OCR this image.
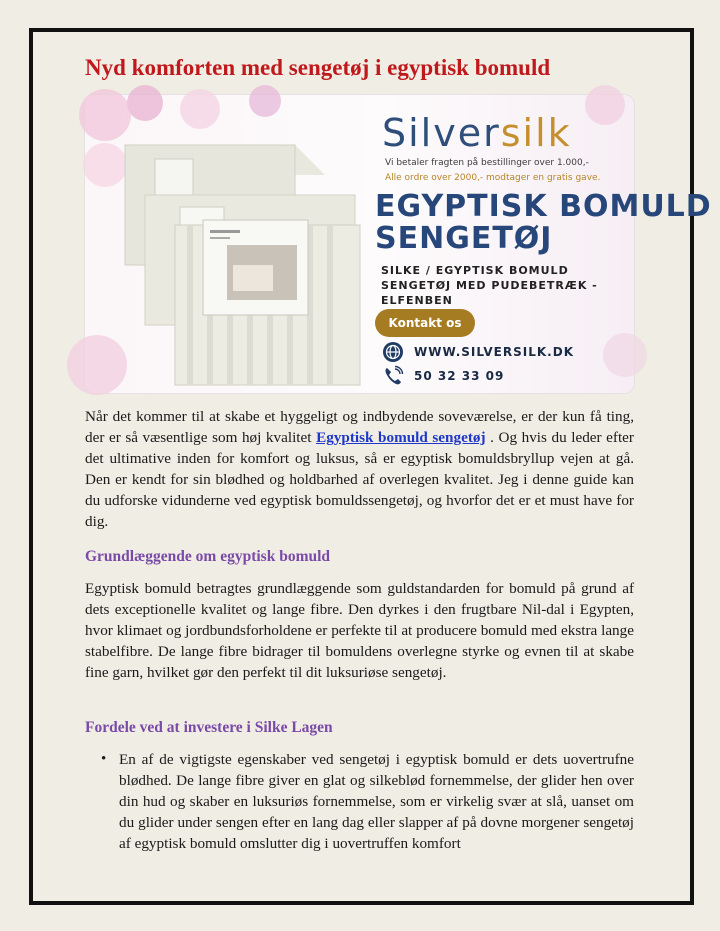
Nyd komforten med sengetøj i egyptisk bomuld
Silversilk
Vi betaler fragten på bestillinger over 1.000,-
Alle ordre over 2000,- modtager en gratis gave.
EGYPTISK BOMULD
SENGETØJ
SILKE / EGYPTISK BOMULD
SENGETØJ MED PUDEBETRÆK -
ELFENBEN
Kontakt os
WWW.SILVERSILK.DK
50 32 33 09

Når det kommer til at skabe et hyggeligt og indbydende soveværelse, er der kun få ting, der er så væsentlige som høj kvalitet Egyptisk bomuld sengetøj . Og hvis du leder efter det ultimative inden for komfort og luksus, så er egyptisk bomuldsbryllup vejen at gå. Den er kendt for sin blødhed og holdbarhed af overlegen kvalitet. Jeg i denne guide kan du udforske vidunderne ved egyptisk bomuldssengetøj, og hvorfor det er et must have for dig.

Grundlæggende om egyptisk bomuld

Egyptisk bomuld betragtes grundlæggende som guldstandarden for bomuld på grund af dets exceptionelle kvalitet og lange fibre. Den dyrkes i den frugtbare Nil-dal i Egypten, hvor klimaet og jordbundsforholdene er perfekte til at producere bomuld med ekstra lange stabelfibre. De lange fibre bidrager til bomuldens overlegne styrke og evnen til at skabe fine garn, hvilket gør den perfekt til dit luksuriøse sengetøj.

Fordele ved at investere i Silke Lagen
• En af de vigtigste egenskaber ved sengetøj i egyptisk bomuld er dets uovertrufne blødhed. De lange fibre giver en glat og silkeblød fornemmelse, der glider hen over din hud og skaber en luksuriøs fornemmelse, som er virkelig svær at slå, uanset om du glider under sengen efter en lang dag eller slapper af på dovne morgener sengetøj af egyptisk bomuld omslutter dig i uovertruffen komfort
